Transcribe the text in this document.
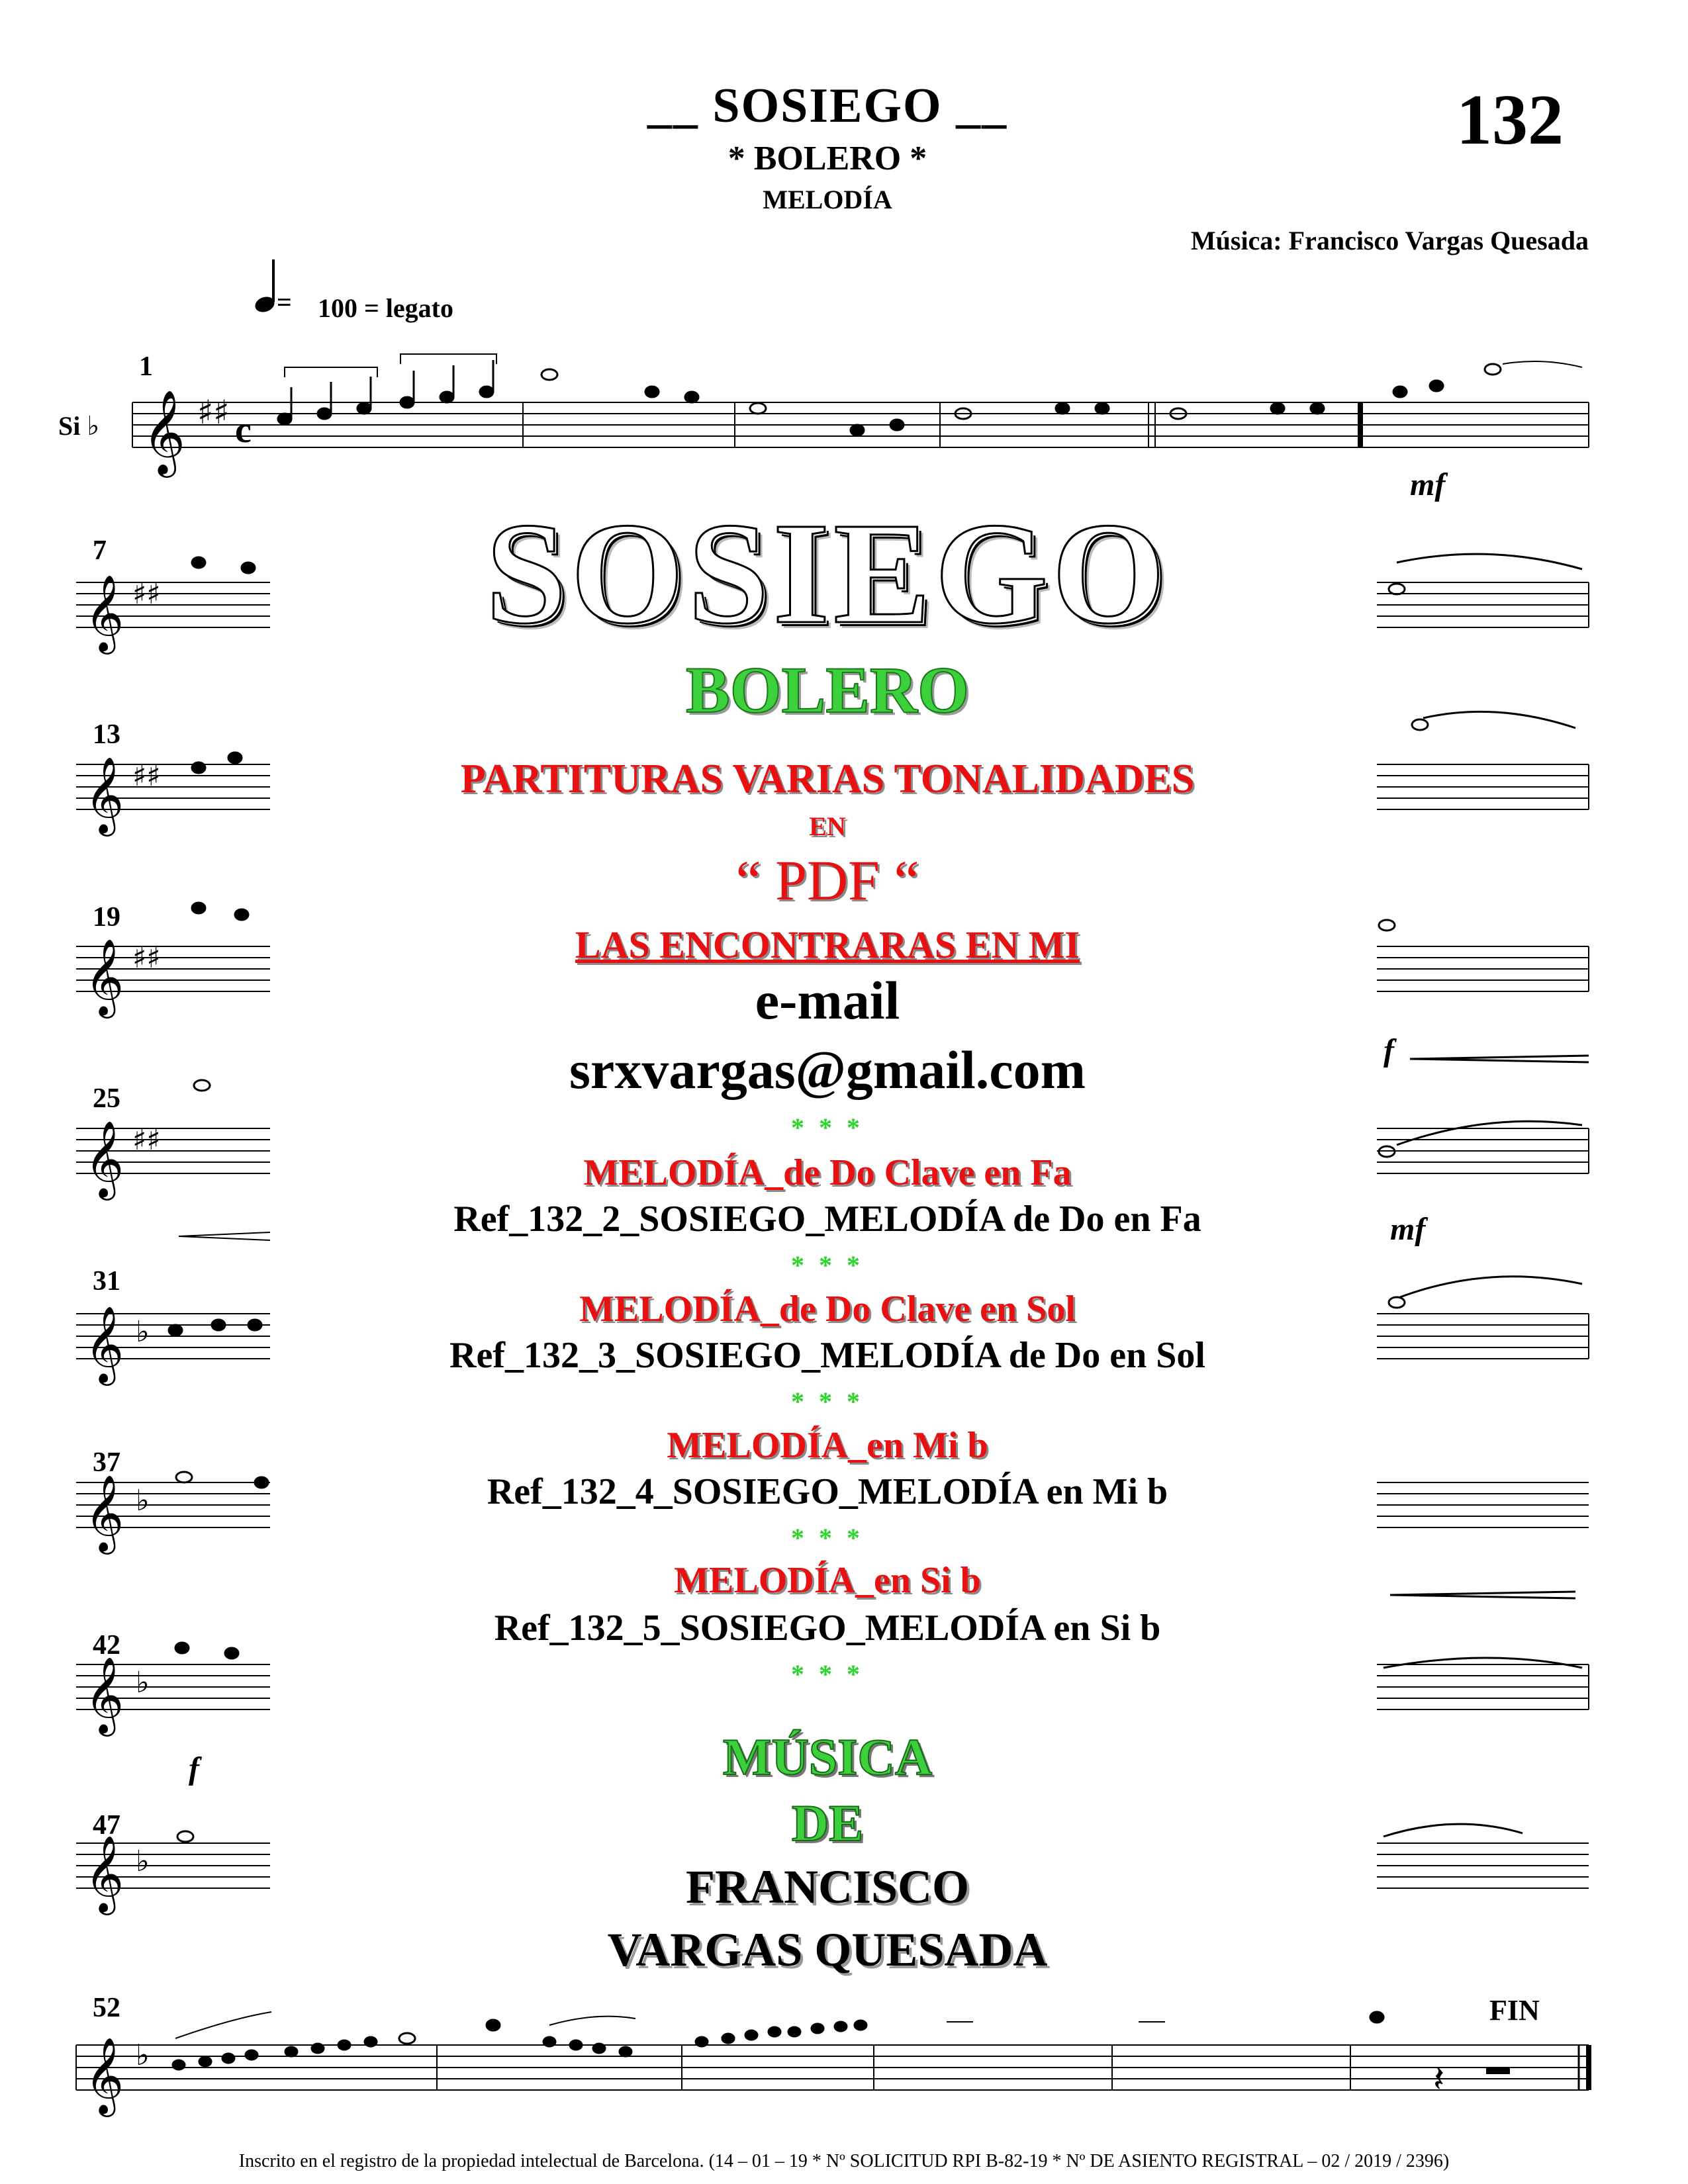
__ SOSIEGO __
* BOLERO *
MELODÍA
132
Música: Francisco Vargas Quesada
100 = legato
Si ♭
=
𝄞 ♯♯ c
𝄞
𝄞
𝄞
𝄞
𝄞
𝄞
𝄞
𝄞
♯♯
♯♯
♯♯
♯♯
♭
♭
♭
♭
𝄞 ♭
𝄽
1
7
13
19
25
31
37
42
47
52
mf
f
mf
f
FIN
SOSIEGO
BOLERO
PARTITURAS VARIAS TONALIDADES
EN
“ PDF “
LAS ENCONTRARAS EN MI
e-mail
srxvargas@gmail.com
* * *
MELODÍA_de Do Clave en Fa
Ref_132_2_SOSIEGO_MELODÍA de Do en Fa
* * *
MELODÍA_de Do Clave en Sol
Ref_132_3_SOSIEGO_MELODÍA de Do en Sol
* * *
MELODÍA_en Mi b
Ref_132_4_SOSIEGO_MELODÍA en Mi b
* * *
MELODÍA_en Si b
Ref_132_5_SOSIEGO_MELODÍA en Si b
* * *
MÚSICA
DE
FRANCISCO
VARGAS QUESADA
Inscrito en el registro de la propiedad intelectual de Barcelona. (14 – 01 – 19 * Nº SOLICITUD RPI B-82-19 * Nº DE ASIENTO REGISTRAL – 02 / 2019 / 2396)
